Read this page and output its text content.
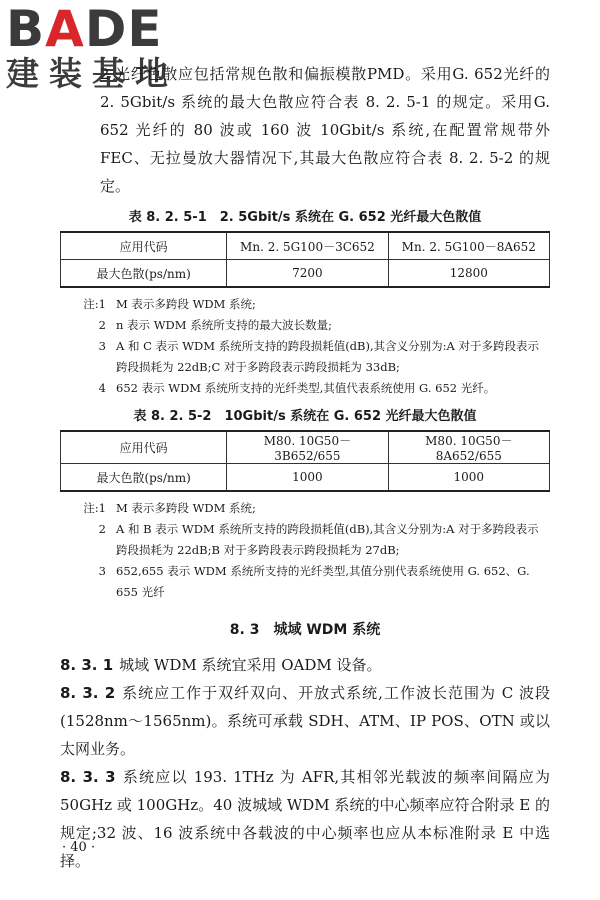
BADE
建装基地

2 光纤色散应包括常规色散和偏振模散PMD。采用G. 652光纤的 2. 5Gbit/s 系统的最大色散应符合表 8. 2. 5-1 的规定。采用G. 652 光纤的 80 波或 160 波 10Gbit/s 系统,在配置常规带外 FEC、无拉曼放大器情况下,其最大色散应符合表 8. 2. 5-2 的规定。

表 8. 2. 5-1　2. 5Gbit/s 系统在 G. 652 光纤最大色散值
应用代码	Mn. 2. 5G100－3C652	Mn. 2. 5G100－8A652
最大色散(ps/nm)	7200	12800
注:1 M 表示多跨段 WDM 系统;
2 n 表示 WDM 系统所支持的最大波长数量;
3 A 和 C 表示 WDM 系统所支持的跨段损耗值(dB),其含义分别为:A 对于多跨段表示跨段损耗为 22dB;C 对于多跨段表示跨段损耗为 33dB;
4 652 表示 WDM 系统所支持的光纤类型,其值代表系统使用 G. 652 光纤。
表 8. 2. 5-2　10Gbit/s 系统在 G. 652 光纤最大色散值
应用代码	M80. 10G50－3B652/655	M80. 10G50－8A652/655
最大色散(ps/nm)	1000	1000
注:1 M 表示多跨段 WDM 系统;
2 A 和 B 表示 WDM 系统所支持的跨段损耗值(dB),其含义分别为:A 对于多跨段表示跨段损耗为 22dB;B 对于多跨段表示跨段损耗为 27dB;
3 652,655 表示 WDM 系统所支持的光纤类型,其值分别代表系统使用 G. 652、G. 655 光纤
8. 3　城域 WDM 系统

8. 3. 1 城域 WDM 系统宜采用 OADM 设备。

8. 3. 2 系统应工作于双纤双向、开放式系统,工作波长范围为 C 波段(1528nm～1565nm)。系统可承载 SDH、ATM、IP POS、OTN 或以太网业务。

8. 3. 3 系统应以 193. 1THz 为 AFR,其相邻光载波的频率间隔应为 50GHz 或 100GHz。40 波城域 WDM 系统的中心频率应符合附录 E 的规定;32 波、16 波系统中各载波的中心频率也应从本标准附录 E 中选择。

· 40 ·
